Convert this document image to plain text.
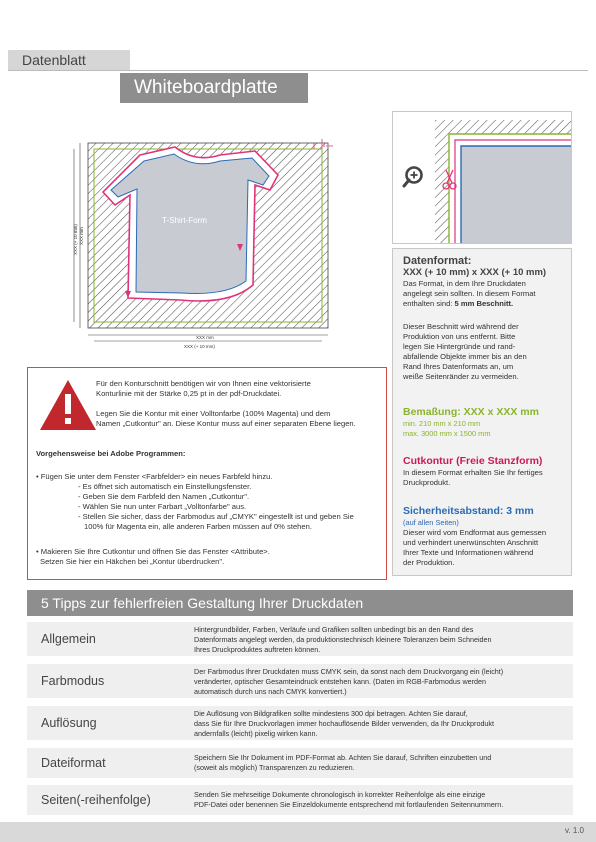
Datenblatt
Whiteboardplatte
T-Shirt-Form
5 mm
XXX mm
XXX (+ 10 mm)
XXX mm
XXX (+ 10 mm)
Datenformat:
XXX (+ 10 mm) x XXX (+ 10 mm)
Das Format, in dem Ihre Druckdaten
angelegt sein sollten. In diesem Format
enthalten sind: 5 mm Beschnitt.
Dieser Beschnitt wird während der
Produktion von uns entfernt. Bitte
legen Sie Hintergründe und rand-
abfallende Objekte immer bis an den
Rand Ihres Datenformats an, um
weiße Seitenränder zu vermeiden.
Bemaßung: XXX x XXX mm
min. 210 mm x 210 mm
max. 3000 mm x 1500 mm
Cutkontur (Freie Stanzform)
In diesem Format erhalten Sie Ihr fertiges
Druckprodukt.
Sicherheitsabstand: 3 mm
(auf allen Seiten)
Dieser wird vom Endformat aus gemessen
und verhindert unerwünschten Anschnitt
Ihrer Texte und Informationen während
der Produktion.
Für den Konturschnitt benötigen wir von Ihnen eine vektorisierte
Konturlinie mit der Stärke 0,25 pt in der pdf-Druckdatei.
Legen Sie die Kontur mit einer Volltonfarbe (100% Magenta) und dem
Namen „Cutkontur" an. Diese Kontur muss auf einer separaten Ebene liegen.
Vorgehensweise bei Adobe Programmen:
• Fügen Sie unter dem Fenster <Farbfelder> ein neues Farbfeld hinzu.
- Es öffnet sich automatisch ein Einstellungsfenster.
- Geben Sie dem Farbfeld den Namen „Cutkontur".
- Wählen Sie nun unter Farbart „Volltonfarbe" aus.
- Stellen Sie sicher, dass der Farbmodus auf „CMYK" eingestellt ist und geben Sie
100% für Magenta ein, alle anderen Farben müssen auf 0% stehen.
• Makieren Sie Ihre Cutkontur und öffnen Sie das Fenster <Attribute>.
Setzen Sie hier ein Häkchen bei „Kontur überdrucken".
5 Tipps zur fehlerfreien Gestaltung Ihrer Druckdaten
Allgemein
Hintergrundbilder, Farben, Verläufe und Grafiken sollten unbedingt bis an den Rand des
Datenformats angelegt werden, da produktionstechnisch kleinere Toleranzen beim Schneiden
Ihres Druckproduktes auftreten können.
Farbmodus
Der Farbmodus Ihrer Druckdaten muss CMYK sein, da sonst nach dem Druckvorgang ein (leicht)
veränderter, optischer Gesamteindruck entstehen kann. (Daten im RGB-Farbmodus werden
automatisch durch uns nach CMYK konvertiert.)
Auflösung
Die Auflösung von Bildgrafiken sollte mindestens 300 dpi betragen. Achten Sie darauf,
dass Sie für Ihre Druckvorlagen immer hochauflösende Bilder verwenden, da Ihr Druckprodukt
andernfalls (leicht) pixelig wirken kann.
Dateiformat	Speichern Sie Ihr Dokument im PDF-Format ab. Achten Sie darauf, Schriften einzubetten und
(soweit als möglich) Transparenzen zu reduzieren.
Seiten(-reihenfolge)	Senden Sie mehrseitige Dokumente chronologisch in korrekter Reihenfolge als eine einzige
PDF-Datei oder benennen Sie Einzeldokumente entsprechend mit fortlaufenden Seitennummern.
v. 1.0
